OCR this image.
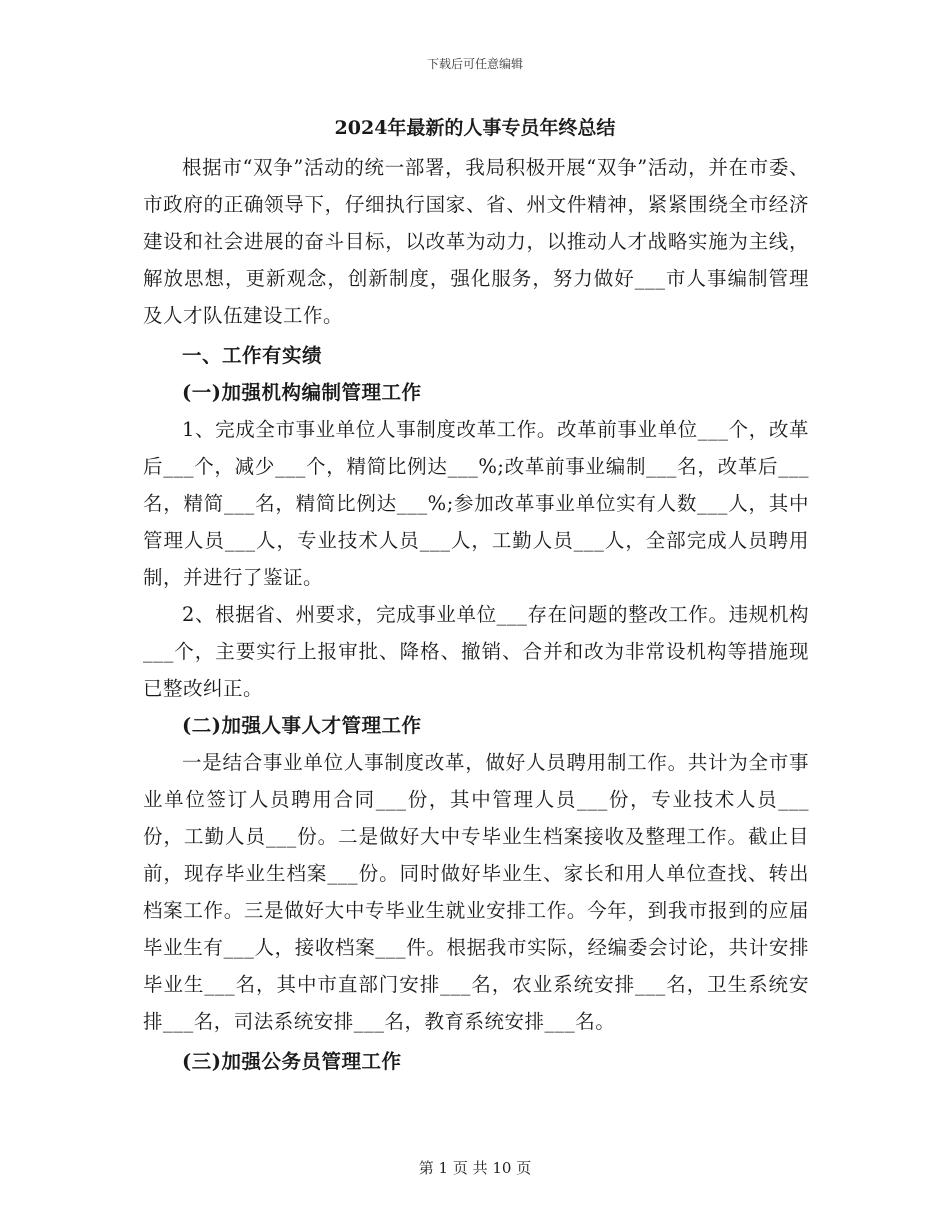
下载后可任意编辑
2024年最新的人事专员年终总结

根据市“双争”活动的统一部署，我局积极开展“双争”活动，并在市委、市政府的正确领导下，仔细执行国家、省、州文件精神，紧紧围绕全市经济建设和社会进展的奋斗目标，以改革为动力，以推动人才战略实施为主线，解放思想，更新观念，创新制度，强化服务，努力做好___市人事编制管理及人才队伍建设工作。

一、工作有实绩
(一)加强机构编制管理工作

1、完成全市事业单位人事制度改革工作。改革前事业单位___个，改革后___个，减少___个，精简比例达___%;改革前事业编制___名，改革后___名，精简___名，精简比例达___%;参加改革事业单位实有人数___人，其中管理人员___人，专业技术人员___人，工勤人员___人，全部完成人员聘用制，并进行了鉴证。

2、根据省、州要求，完成事业单位___存在问题的整改工作。违规机构___个，主要实行上报审批、降格、撤销、合并和改为非常设机构等措施现已整改纠正。

(二)加强人事人才管理工作

一是结合事业单位人事制度改革，做好人员聘用制工作。共计为全市事业单位签订人员聘用合同___份，其中管理人员___份，专业技术人员___份，工勤人员___份。二是做好大中专毕业生档案接收及整理工作。截止目前，现存毕业生档案___份。同时做好毕业生、家长和用人单位查找、转出档案工作。三是做好大中专毕业生就业安排工作。今年，到我市报到的应届毕业生有___人，接收档案___件。根据我市实际，经编委会讨论，共计安排毕业生___名，其中市直部门安排___名，农业系统安排___名，卫生系统安排___名，司法系统安排___名，教育系统安排___名。

(三)加强公务员管理工作
第 1 页 共 10 页
